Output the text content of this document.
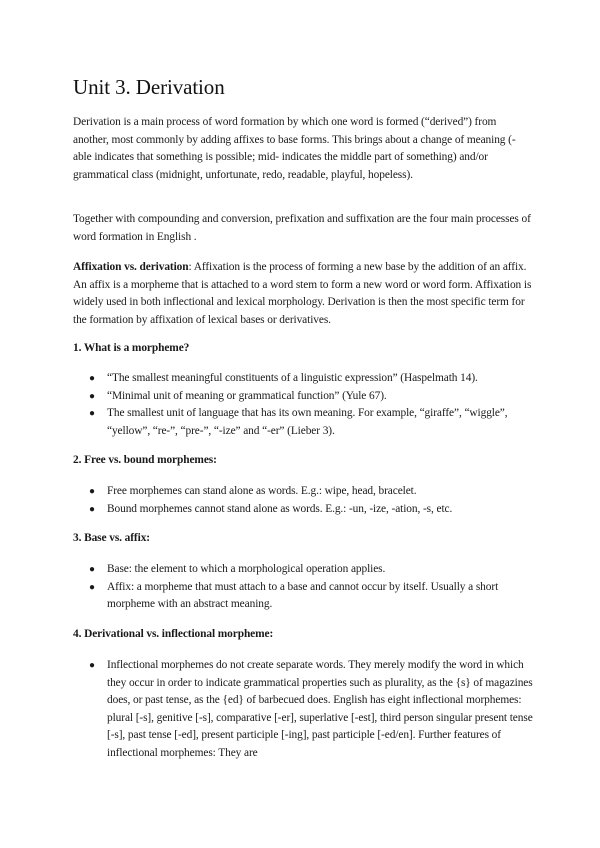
Unit 3. Derivation

Derivation is a main process of word formation by which one word is formed (“derived”) from another, most commonly by adding affixes to base forms. This brings about a change of meaning (-able indicates that something is possible; mid- indicates the middle part of something) and/or grammatical class (midnight, unfortunate, redo, readable, playful, hopeless).

Together with compounding and conversion, prefixation and suffixation are the four main processes of word formation in English .

Affixation vs. derivation: Affixation is the process of forming a new base by the addition of an affix. An affix is a morpheme that is attached to a word stem to form a new word or word form. Affixation is widely used in both inflectional and lexical morphology. Derivation is then the most specific term for the formation by affixation of lexical bases or derivatives.

1. What is a morpheme?

● “The smallest meaningful constituents of a linguistic expression” (Haspelmath 14).
● “Minimal unit of meaning or grammatical function” (Yule 67).
● The smallest unit of language that has its own meaning. For example, “giraffe”, “wiggle”, “yellow”, “re-”, “pre-”, “-ize” and “-er” (Lieber 3).

2. Free vs. bound morphemes:

● Free morphemes can stand alone as words. E.g.: wipe, head, bracelet.
● Bound morphemes cannot stand alone as words. E.g.: -un, -ize, -ation, -s, etc.

3. Base vs. affix:

● Base: the element to which a morphological operation applies.
● Affix: a morpheme that must attach to a base and cannot occur by itself. Usually a short morpheme with an abstract meaning.

4. Derivational vs. inflectional morpheme:

● Inflectional morphemes do not create separate words. They merely modify the word in which they occur in order to indicate grammatical properties such as plurality, as the {s} of magazines does, or past tense, as the {ed} of barbecued does. English has eight inflectional morphemes: plural [-s], genitive [-s], comparative [-er], superlative [-est], third person singular present tense [-s], past tense [-ed], present participle [-ing], past participle [-ed/en]. Further features of inflectional morphemes: They are
